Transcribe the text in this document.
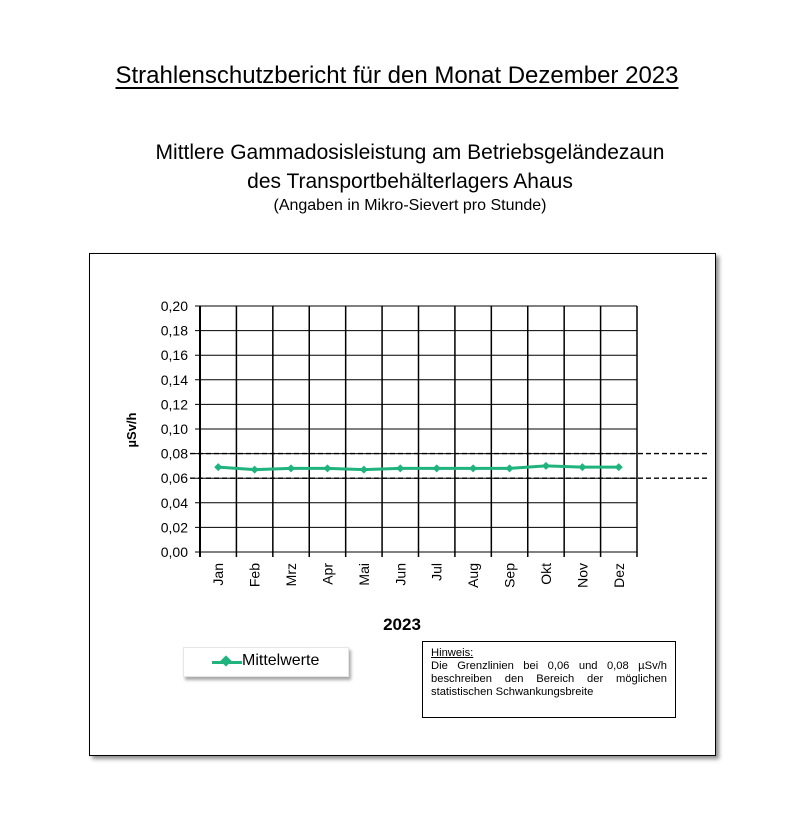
Strahlenschutzbericht für den Monat Dezember 2023
Mittlere Gammadosisleistung am Betriebsgeländezaun
des Transportbehälterlagers Ahaus
(Angaben in Mikro-Sievert pro Stunde)
0,00
0,02
0,04
0,06
0,08
0,10
0,12
0,14
0,16
0,18
0,20
Jan Feb Mrz Apr Mai Jun Jul Aug Sep Okt Nov Dez
µSv/h
2023
Mittelwerte	Hinweis:
Die Grenzlinien bei 0,06 und 0,08 µSv/h beschreiben den Bereich der möglichen statistischen Schwankungsbreite
